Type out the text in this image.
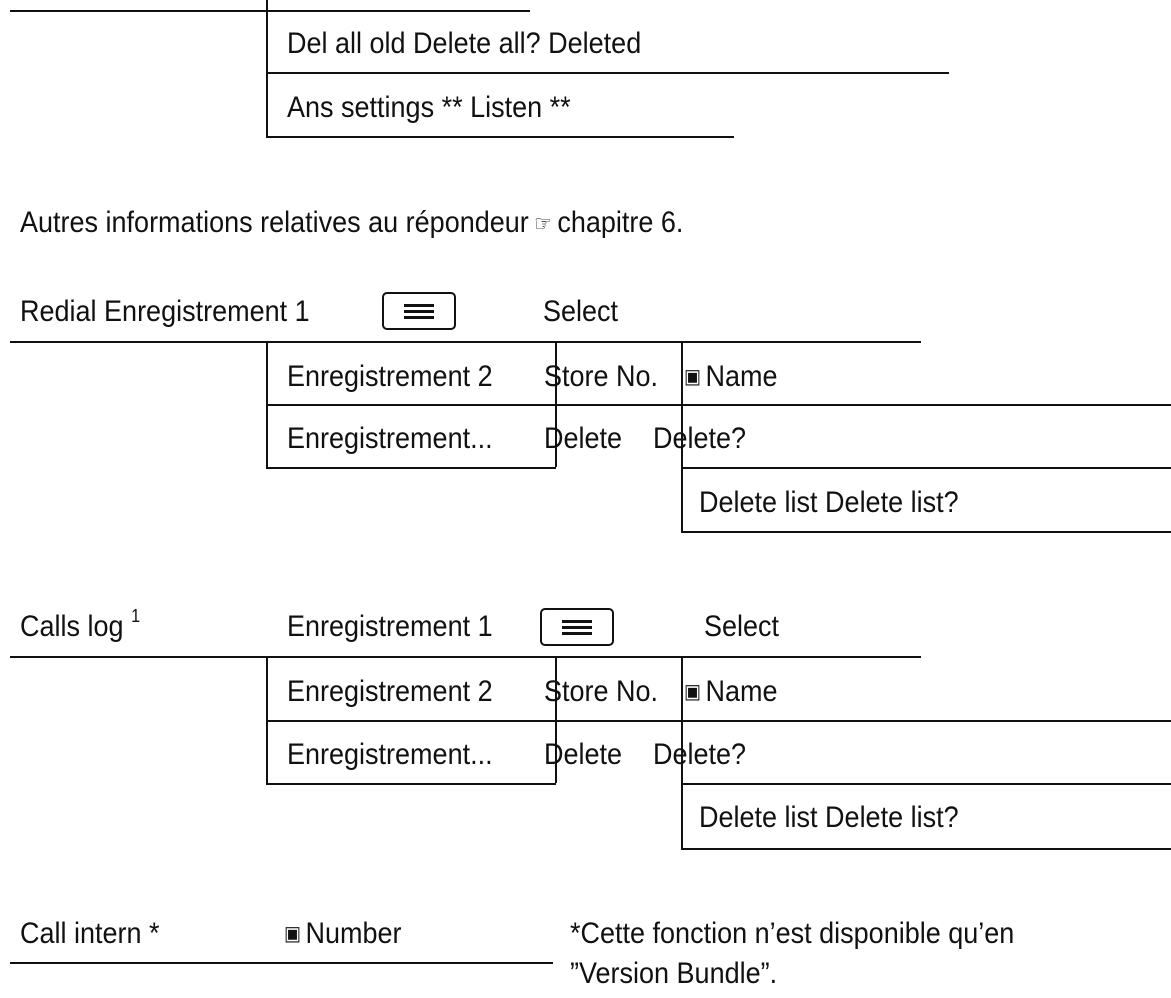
Del all old Delete all? Deleted
Ans settings ** Listen **
Autres informations relatives au répondeur ☞ chapitre 6.
Redial Enregistrement 1	Select
Enregistrement 2 Store No. ▣ Name
Enregistrement... Delete Delete?
Delete list Delete list?
Calls log $^1$	Enregistrement 1	Select
Enregistrement 2 Store No. ▣ Name
Enregistrement... Delete Delete?
Delete list Delete list?
Call intern *	▣ Number	*Cette fonction n’est disponible qu’en
”Version Bundle”.
